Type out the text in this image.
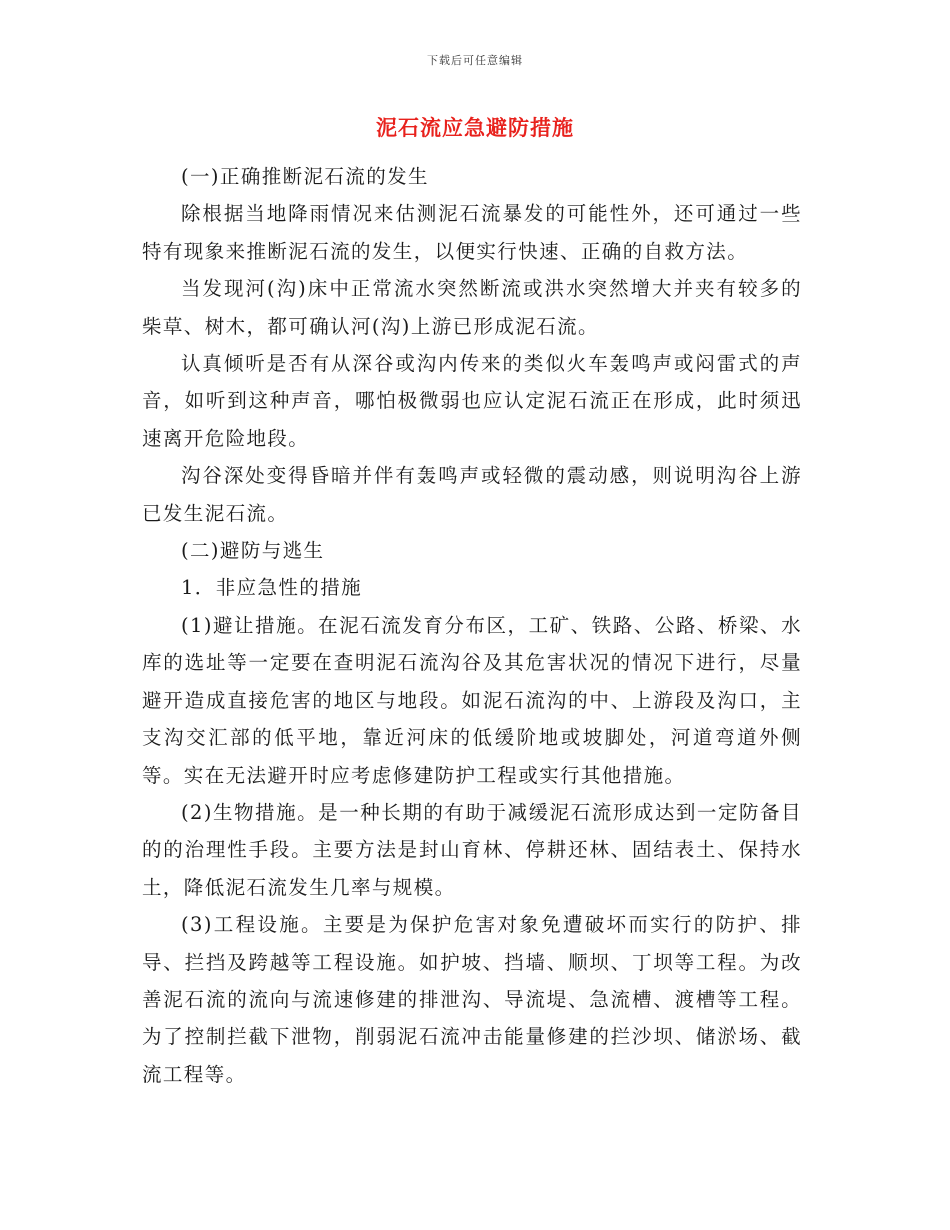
下载后可任意编辑
泥石流应急避防措施

(一)正确推断泥石流的发生

除根据当地降雨情况来估测泥石流暴发的可能性外，还可通过一些特有现象来推断泥石流的发生，以便实行快速、正确的自救方法。

当发现河(沟)床中正常流水突然断流或洪水突然增大并夹有较多的柴草、树木，都可确认河(沟)上游已形成泥石流。

认真倾听是否有从深谷或沟内传来的类似火车轰鸣声或闷雷式的声音，如听到这种声音，哪怕极微弱也应认定泥石流正在形成，此时须迅速离开危险地段。

沟谷深处变得昏暗并伴有轰鸣声或轻微的震动感，则说明沟谷上游已发生泥石流。

(二)避防与逃生

1．非应急性的措施

(1)避让措施。在泥石流发育分布区，工矿、铁路、公路、桥梁、水库的选址等一定要在查明泥石流沟谷及其危害状况的情况下进行，尽量避开造成直接危害的地区与地段。如泥石流沟的中、上游段及沟口，主支沟交汇部的低平地，靠近河床的低缓阶地或坡脚处，河道弯道外侧等。实在无法避开时应考虑修建防护工程或实行其他措施。

(2)生物措施。是一种长期的有助于减缓泥石流形成达到一定防备目的的治理性手段。主要方法是封山育林、停耕还林、固结表土、保持水土，降低泥石流发生几率与规模。

(3)工程设施。主要是为保护危害对象免遭破坏而实行的防护、排导、拦挡及跨越等工程设施。如护坡、挡墙、顺坝、丁坝等工程。为改善泥石流的流向与流速修建的排泄沟、导流堤、急流槽、渡槽等工程。为了控制拦截下泄物，削弱泥石流冲击能量修建的拦沙坝、储淤场、截流工程等。
